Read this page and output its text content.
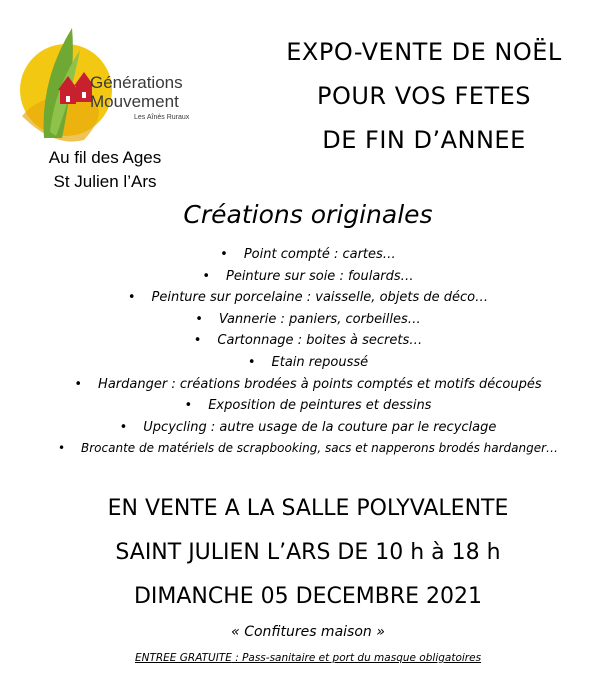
Générations
Mouvement
Les Aînés Ruraux
Au fil des Ages
St Julien l’Ars
EXPO-VENTE DE NOËL
POUR VOS FETES
DE FIN D’ANNEE
Créations originales
• Point compté : cartes…
• Peinture sur soie : foulards…
• Peinture sur porcelaine : vaisselle, objets de déco…
• Vannerie : paniers, corbeilles…
• Cartonnage : boites à secrets…
• Etain repoussé
• Hardanger : créations brodées à points comptés et motifs découpés
• Exposition de peintures et dessins
• Upcycling : autre usage de la couture par le recyclage
• Brocante de matériels de scrapbooking, sacs et napperons brodés hardanger…
EN VENTE A LA SALLE POLYVALENTE
SAINT JULIEN L’ARS DE 10 h à 18 h
DIMANCHE 05 DECEMBRE 2021
« Confitures maison »
ENTREE GRATUITE : Pass-sanitaire et port du masque obligatoires
